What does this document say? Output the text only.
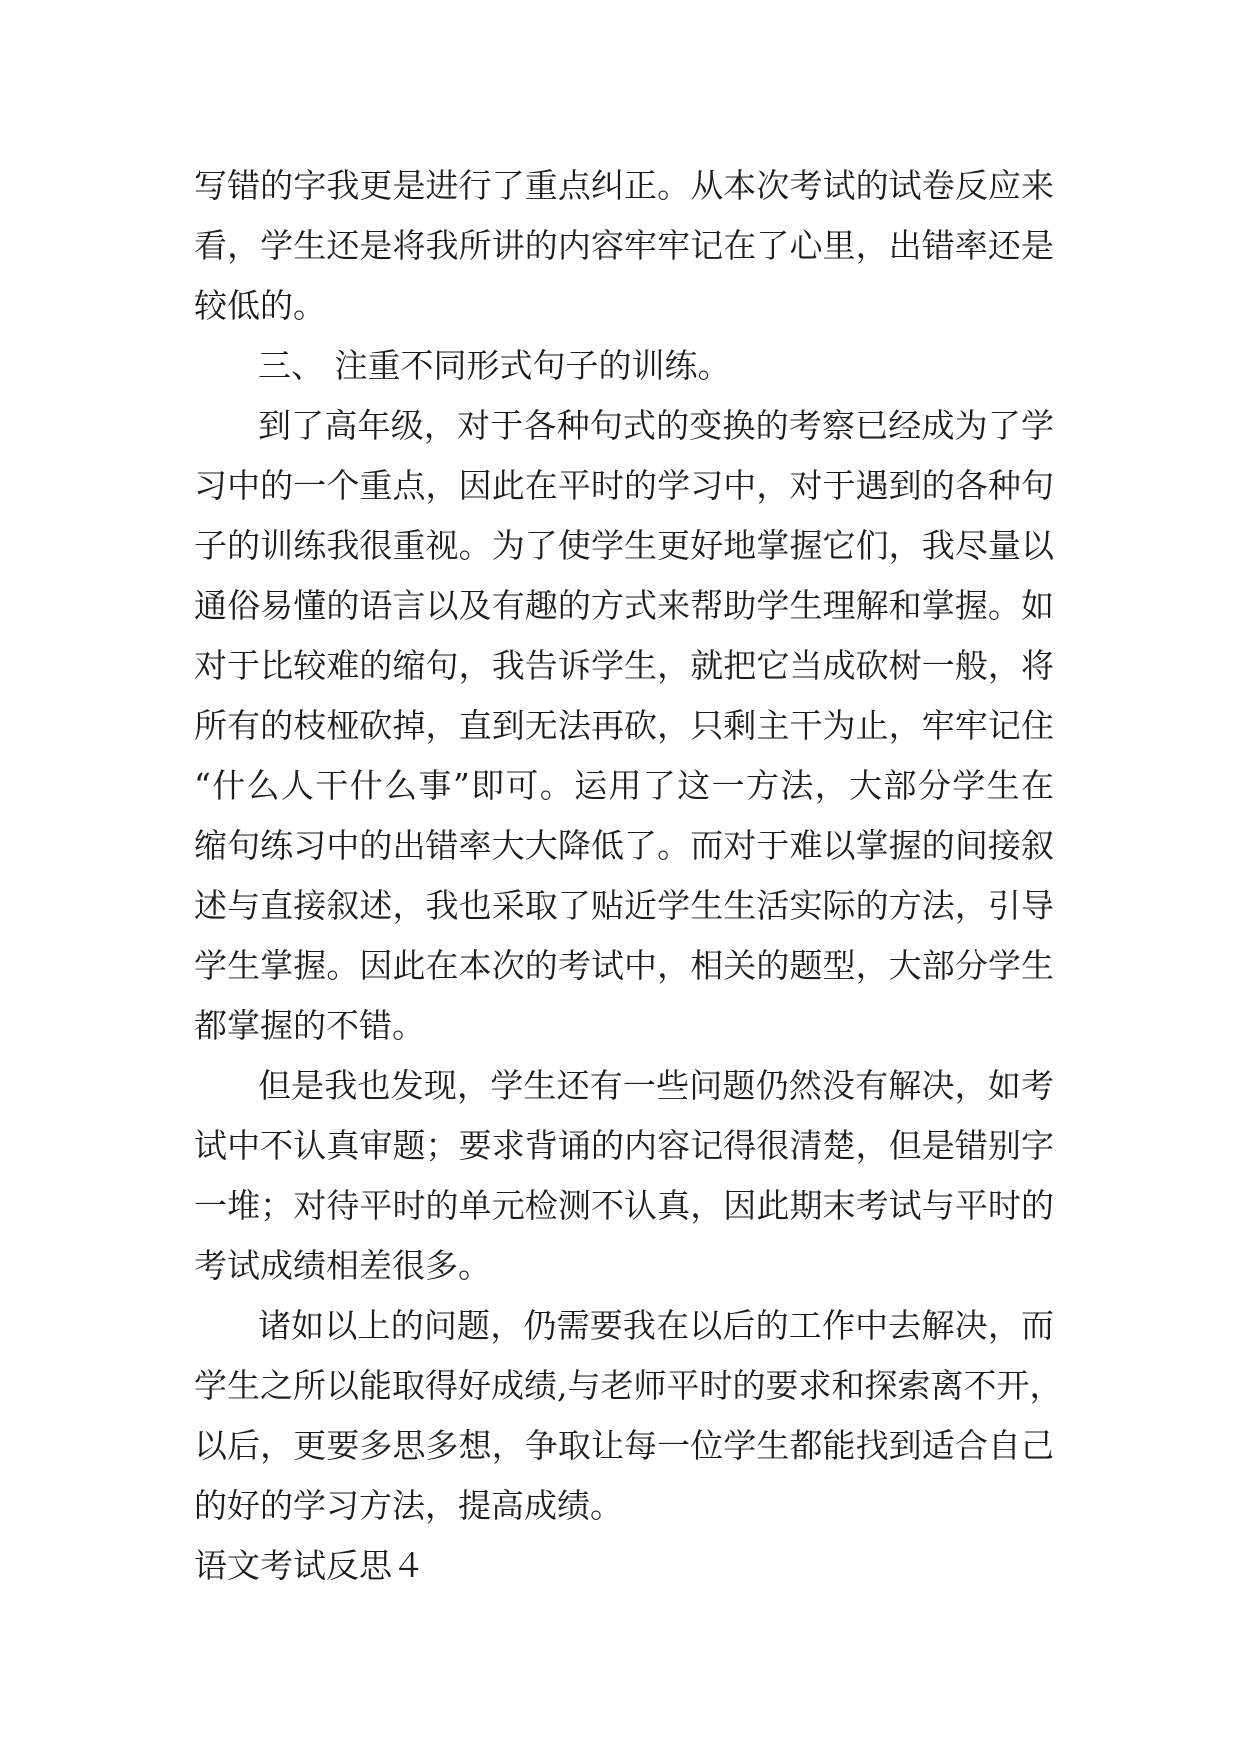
写错的字我更是进行了重点纠正。从本次考试的试卷反应来
看，学生还是将我所讲的内容牢牢记在了心里，出错率还是
较低的。
三、 注重不同形式句子的训练。
到了高年级，对于各种句式的变换的考察已经成为了学
习中的一个重点，因此在平时的学习中，对于遇到的各种句
子的训练我很重视。为了使学生更好地掌握它们，我尽量以
通俗易懂的语言以及有趣的方式来帮助学生理解和掌握。如
对于比较难的缩句，我告诉学生，就把它当成砍树一般，将
所有的枝桠砍掉，直到无法再砍，只剩主干为止，牢牢记住
“什么人干什么事”即可。运用了这一方法，大部分学生在
缩句练习中的出错率大大降低了。而对于难以掌握的间接叙
述与直接叙述，我也采取了贴近学生生活实际的方法，引导
学生掌握。因此在本次的考试中，相关的题型，大部分学生
都掌握的不错。
但是我也发现，学生还有一些问题仍然没有解决，如考
试中不认真审题；要求背诵的内容记得很清楚，但是错别字
一堆；对待平时的单元检测不认真，因此期末考试与平时的
考试成绩相差很多。
诸如以上的问题，仍需要我在以后的工作中去解决，而
学生之所以能取得好成绩,与老师平时的要求和探索离不开，
以后，更要多思多想，争取让每一位学生都能找到适合自己
的好的学习方法，提高成绩。
语文考试反思４
